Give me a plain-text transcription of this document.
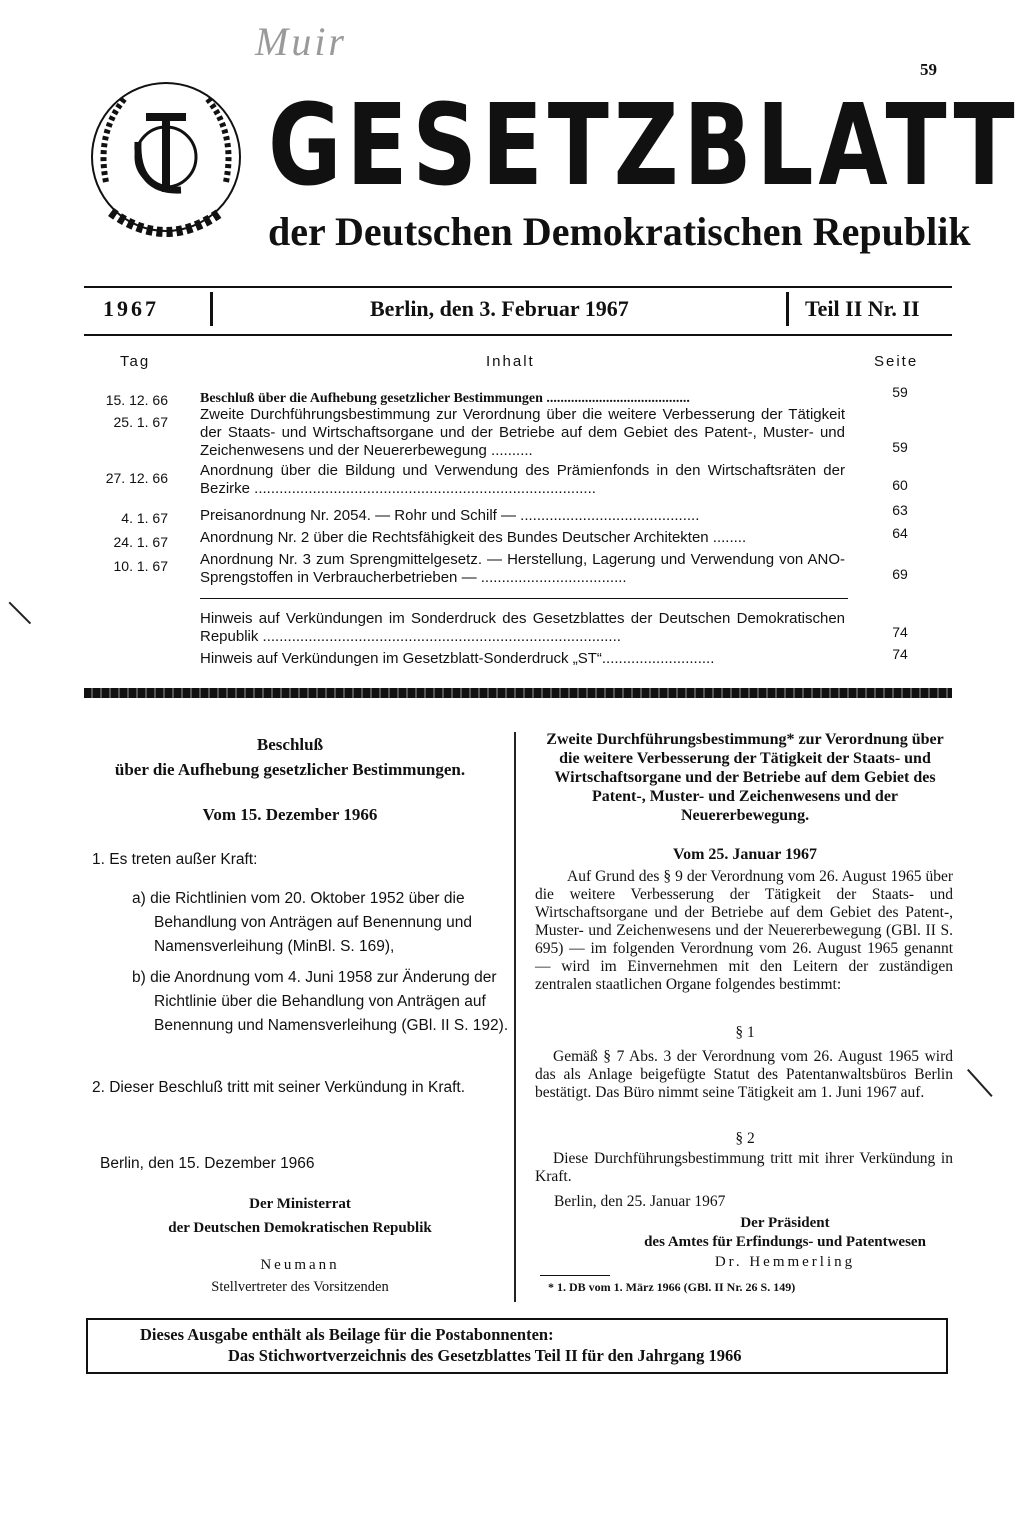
Muir
59
GESETZBLATT
der Deutschen Demokratischen Republik
1967	Berlin, den 3. Februar 1967	Teil II Nr. II
Tag	Inhalt	Seite
15. 12. 66 Beschluß über die Aufhebung gesetzlicher Bestimmungen .........................................	59
25. 1. 67 Zweite Durchführungsbestimmung zur Verordnung über die weitere Verbesserung der Tätigkeit der Staats- und Wirtschaftsorgane und der Betriebe auf dem Gebiet des Patent-, Muster- und Zeichenwesens und der Neuererbewegung ..........	59
27. 12. 66 Anordnung über die Bildung und Verwendung des Prämienfonds in den Wirtschaftsräten der Bezirke ..................................................................................	60
4. 1. 67 Preisanordnung Nr. 2054. — Rohr und Schilf — ...........................................	63
24. 1. 67 Anordnung Nr. 2 über die Rechtsfähigkeit des Bundes Deutscher Architekten ........	64
10. 1. 67 Anordnung Nr. 3 zum Sprengmittelgesetz. — Herstellung, Lagerung und Verwendung von ANO-Sprengstoffen in Verbraucherbetrieben — ...................................	69
Hinweis auf Verkündungen im Sonderdruck des Gesetzblattes der Deutschen Demokratischen Republik ......................................................................................	74
Hinweis auf Verkündungen im Gesetzblatt-Sonderdruck „ST“...........................	74
Beschluß
über die Aufhebung gesetzlicher Bestimmungen.
Vom 15. Dezember 1966
1. Es treten außer Kraft:
a) die Richtlinien vom 20. Oktober 1952 über die Behandlung von Anträgen auf Benennung und Namensverleihung (MinBl. S. 169),
b) die Anordnung vom 4. Juni 1958 zur Änderung der Richtlinie über die Behandlung von Anträgen auf Benennung und Namensverleihung (GBl. II S. 192).
2. Dieser Beschluß tritt mit seiner Verkündung in Kraft.
Berlin, den 15. Dezember 1966
Der Ministerrat
der Deutschen Demokratischen Republik
Neumann
Stellvertreter des Vorsitzenden
Zweite Durchführungsbestimmung* zur Verordnung über die weitere Verbesserung der Tätigkeit der Staats- und Wirtschaftsorgane und der Betriebe auf dem Gebiet des Patent-, Muster- und Zeichenwesens und der Neuererbewegung.
Vom 25. Januar 1967
Auf Grund des § 9 der Verordnung vom 26. August 1965 über die weitere Verbesserung der Tätigkeit der Staats- und Wirtschaftsorgane und der Betriebe auf dem Gebiet des Patent-, Muster- und Zeichenwesens und der Neuererbewegung (GBl. II S. 695) — im folgenden Verordnung vom 26. August 1965 genannt — wird im Einvernehmen mit den Leitern der zuständigen zentralen staatlichen Organe folgendes bestimmt:
§ 1
Gemäß § 7 Abs. 3 der Verordnung vom 26. August 1965 wird das als Anlage beigefügte Statut des Patentanwaltsbüros Berlin bestätigt. Das Büro nimmt seine Tätigkeit am 1. Juni 1967 auf.
§ 2
Diese Durchführungsbestimmung tritt mit ihrer Verkündung in Kraft.
Berlin, den 25. Januar 1967
Der Präsident
des Amtes für Erfindungs- und Patentwesen
Dr. Hemmerling
* 1. DB vom 1. März 1966 (GBl. II Nr. 26 S. 149)
Dieses Ausgabe enthält als Beilage für die Postabonnenten:
Das Stichwortverzeichnis des Gesetzblattes Teil II für den Jahrgang 1966
